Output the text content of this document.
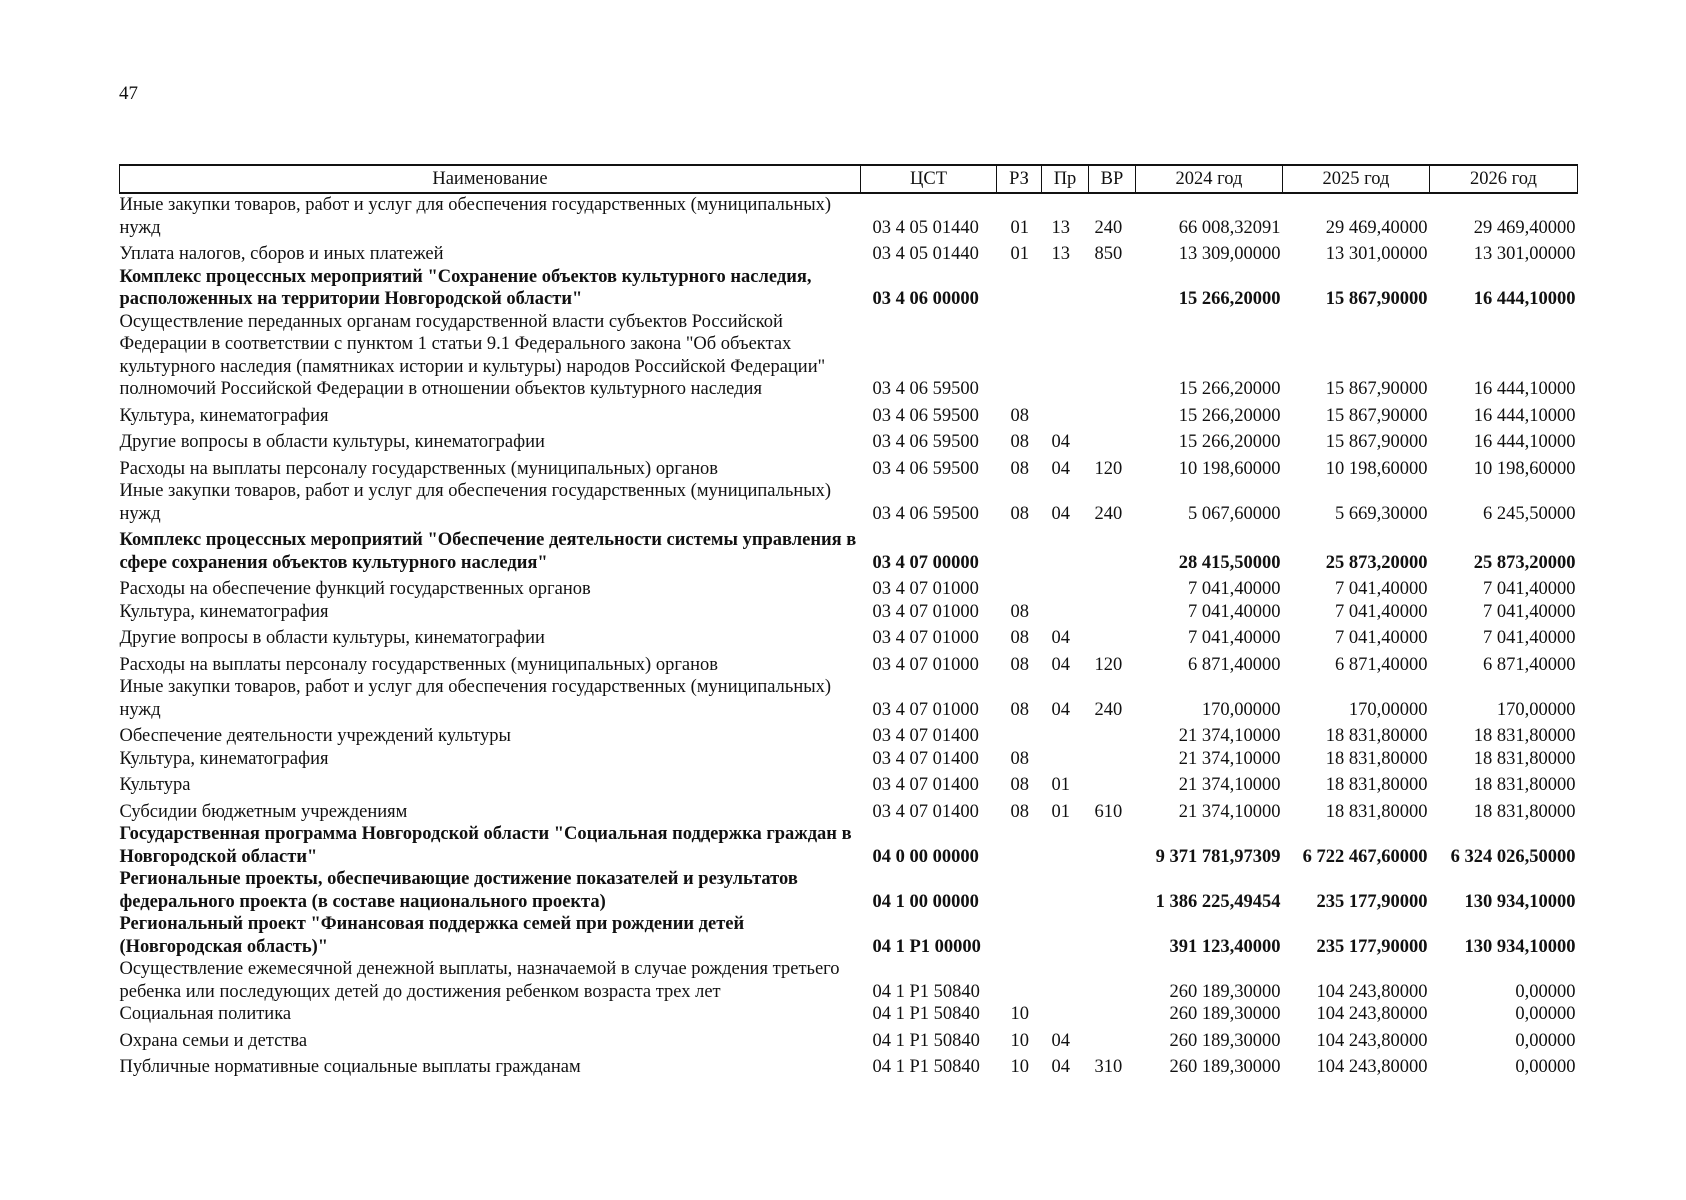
47
Наименование	ЦСТ	РЗ	Пр	ВР	2024 год	2025 год	2026 год
Иные закупки товаров, работ и услуг для обеспечения государственных (муниципальных) нужд	03 4 05 01440	01	13	240	66 008,32091	29 469,40000	29 469,40000
Уплата налогов, сборов и иных платежей	03 4 05 01440	01	13	850	13 309,00000	13 301,00000	13 301,00000
Комплекс процессных мероприятий "Сохранение объектов культурного наследия, расположенных на территории Новгородской области"	03 4 06 00000				15 266,20000	15 867,90000	16 444,10000
Осуществление переданных органам государственной власти субъектов Российской Федерации в соответствии с пунктом 1 статьи 9.1 Федерального закона "Об объектах культурного наследия (памятниках истории и культуры) народов Российской Федерации" полномочий Российской Федерации в отношении объектов культурного наследия	03 4 06 59500				15 266,20000	15 867,90000	16 444,10000
Культура, кинематография	03 4 06 59500	08			15 266,20000	15 867,90000	16 444,10000
Другие вопросы в области культуры, кинематографии	03 4 06 59500	08	04		15 266,20000	15 867,90000	16 444,10000
Расходы на выплаты персоналу государственных (муниципальных) органов	03 4 06 59500	08	04	120	10 198,60000	10 198,60000	10 198,60000
Иные закупки товаров, работ и услуг для обеспечения государственных (муниципальных) нужд	03 4 06 59500	08	04	240	5 067,60000	5 669,30000	6 245,50000
Комплекс процессных мероприятий "Обеспечение деятельности системы управления в сфере сохранения объектов культурного наследия"	03 4 07 00000				28 415,50000	25 873,20000	25 873,20000
Расходы на обеспечение функций государственных органов	03 4 07 01000				7 041,40000	7 041,40000	7 041,40000
Культура, кинематография	03 4 07 01000	08			7 041,40000	7 041,40000	7 041,40000
Другие вопросы в области культуры, кинематографии	03 4 07 01000	08	04		7 041,40000	7 041,40000	7 041,40000
Расходы на выплаты персоналу государственных (муниципальных) органов	03 4 07 01000	08	04	120	6 871,40000	6 871,40000	6 871,40000
Иные закупки товаров, работ и услуг для обеспечения государственных (муниципальных) нужд	03 4 07 01000	08	04	240	170,00000	170,00000	170,00000
Обеспечение деятельности учреждений культуры	03 4 07 01400				21 374,10000	18 831,80000	18 831,80000
Культура, кинематография	03 4 07 01400	08			21 374,10000	18 831,80000	18 831,80000
Культура	03 4 07 01400	08	01		21 374,10000	18 831,80000	18 831,80000
Субсидии бюджетным учреждениям	03 4 07 01400	08	01	610	21 374,10000	18 831,80000	18 831,80000
Государственная программа Новгородской области "Социальная поддержка граждан в Новгородской области"	04 0 00 00000				9 371 781,97309	6 722 467,60000	6 324 026,50000
Региональные проекты, обеспечивающие достижение показателей и результатов федерального проекта (в составе национального проекта)	04 1 00 00000				1 386 225,49454	235 177,90000	130 934,10000
Региональный проект "Финансовая поддержка семей при рождении детей (Новгородская область)"	04 1 Р1 00000				391 123,40000	235 177,90000	130 934,10000
Осуществление ежемесячной денежной выплаты, назначаемой в случае рождения третьего ребенка или последующих детей до достижения ребенком возраста трех лет	04 1 Р1 50840				260 189,30000	104 243,80000	0,00000
Социальная политика	04 1 Р1 50840	10			260 189,30000	104 243,80000	0,00000
Охрана семьи и детства	04 1 Р1 50840	10	04		260 189,30000	104 243,80000	0,00000
Публичные нормативные социальные выплаты гражданам	04 1 Р1 50840	10	04	310	260 189,30000	104 243,80000	0,00000
